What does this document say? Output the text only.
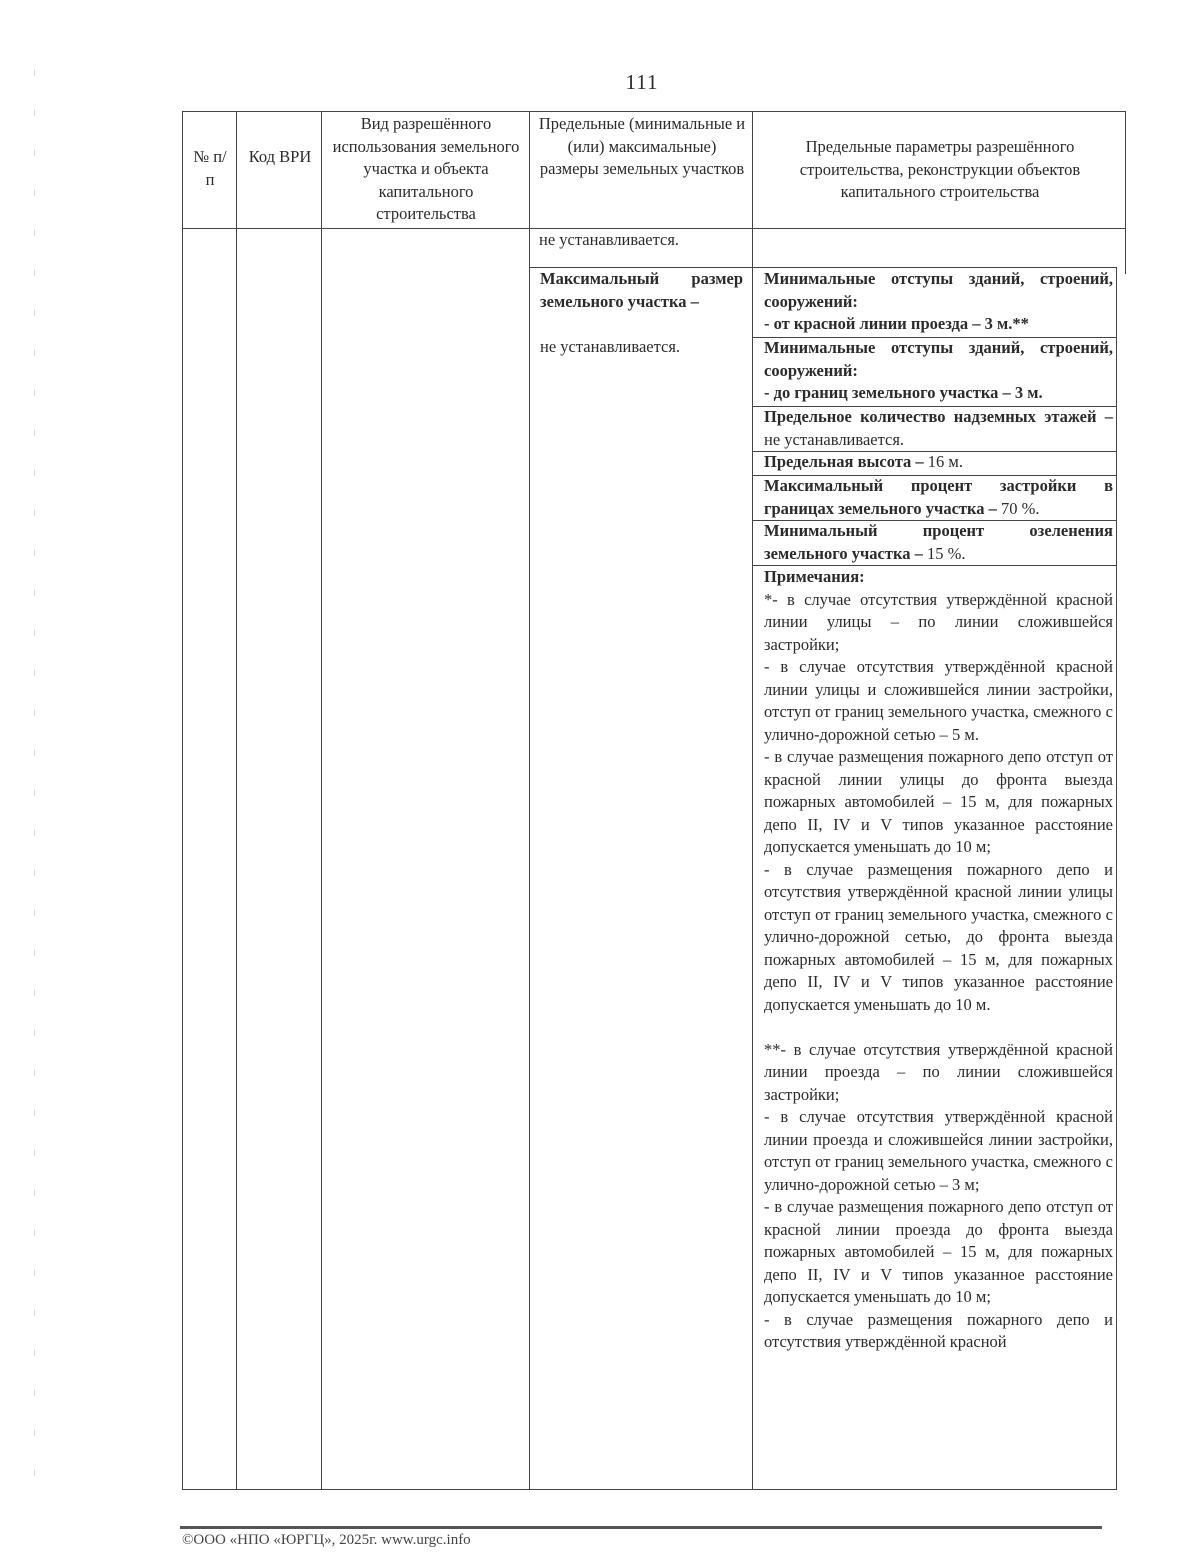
111
№ п/п
Код ВРИ
Вид разрешённого использования земельного участка и объекта капитального строительства
Предельные (минимальные и (или) максимальные) размеры земельных участков
Предельные параметры разрешённого строительства, реконструкции объектов капитального строительства
не устанавливается.
Максимальный размер земельного участка –
не устанавливается.
Минимальные отступы зданий, строений, сооружений:
- от красной линии проезда – 3 м.**
Минимальные отступы зданий, строений, сооружений:
- до границ земельного участка – 3 м.
Предельное количество надземных этажей – не устанавливается.
Предельная высота – 16 м.
Максимальный процент застройки в границах земельного участка – 70 %.
Минимальный процент озеленения земельного участка – 15 %.
Примечания:
*- в случае отсутствия утверждённой красной линии улицы – по линии сложившейся застройки;
- в случае отсутствия утверждённой красной линии улицы и сложившейся линии застройки, отступ от границ земельного участка, смежного с улично-дорожной сетью – 5 м.
- в случае размещения пожарного депо отступ от красной линии улицы до фронта выезда пожарных автомобилей – 15 м, для пожарных депо II, IV и V типов указанное расстояние допускается уменьшать до 10 м;
- в случае размещения пожарного депо и отсутствия утверждённой красной линии улицы отступ от границ земельного участка, смежного с улично-дорожной сетью, до фронта выезда пожарных автомобилей – 15 м, для пожарных депо II, IV и V типов указанное расстояние допускается уменьшать до 10 м.
**- в случае отсутствия утверждённой красной линии проезда – по линии сложившейся застройки;
- в случае отсутствия утверждённой красной линии проезда и сложившейся линии застройки, отступ от границ земельного участка, смежного с улично-дорожной сетью – 3 м;
- в случае размещения пожарного депо отступ от красной линии проезда до фронта выезда пожарных автомобилей – 15 м, для пожарных депо II, IV и V типов указанное расстояние допускается уменьшать до 10 м;
- в случае размещения пожарного депо и отсутствия утверждённой красной
©ООО «НПО «ЮРГЦ», 2025г. www.urgc.info
